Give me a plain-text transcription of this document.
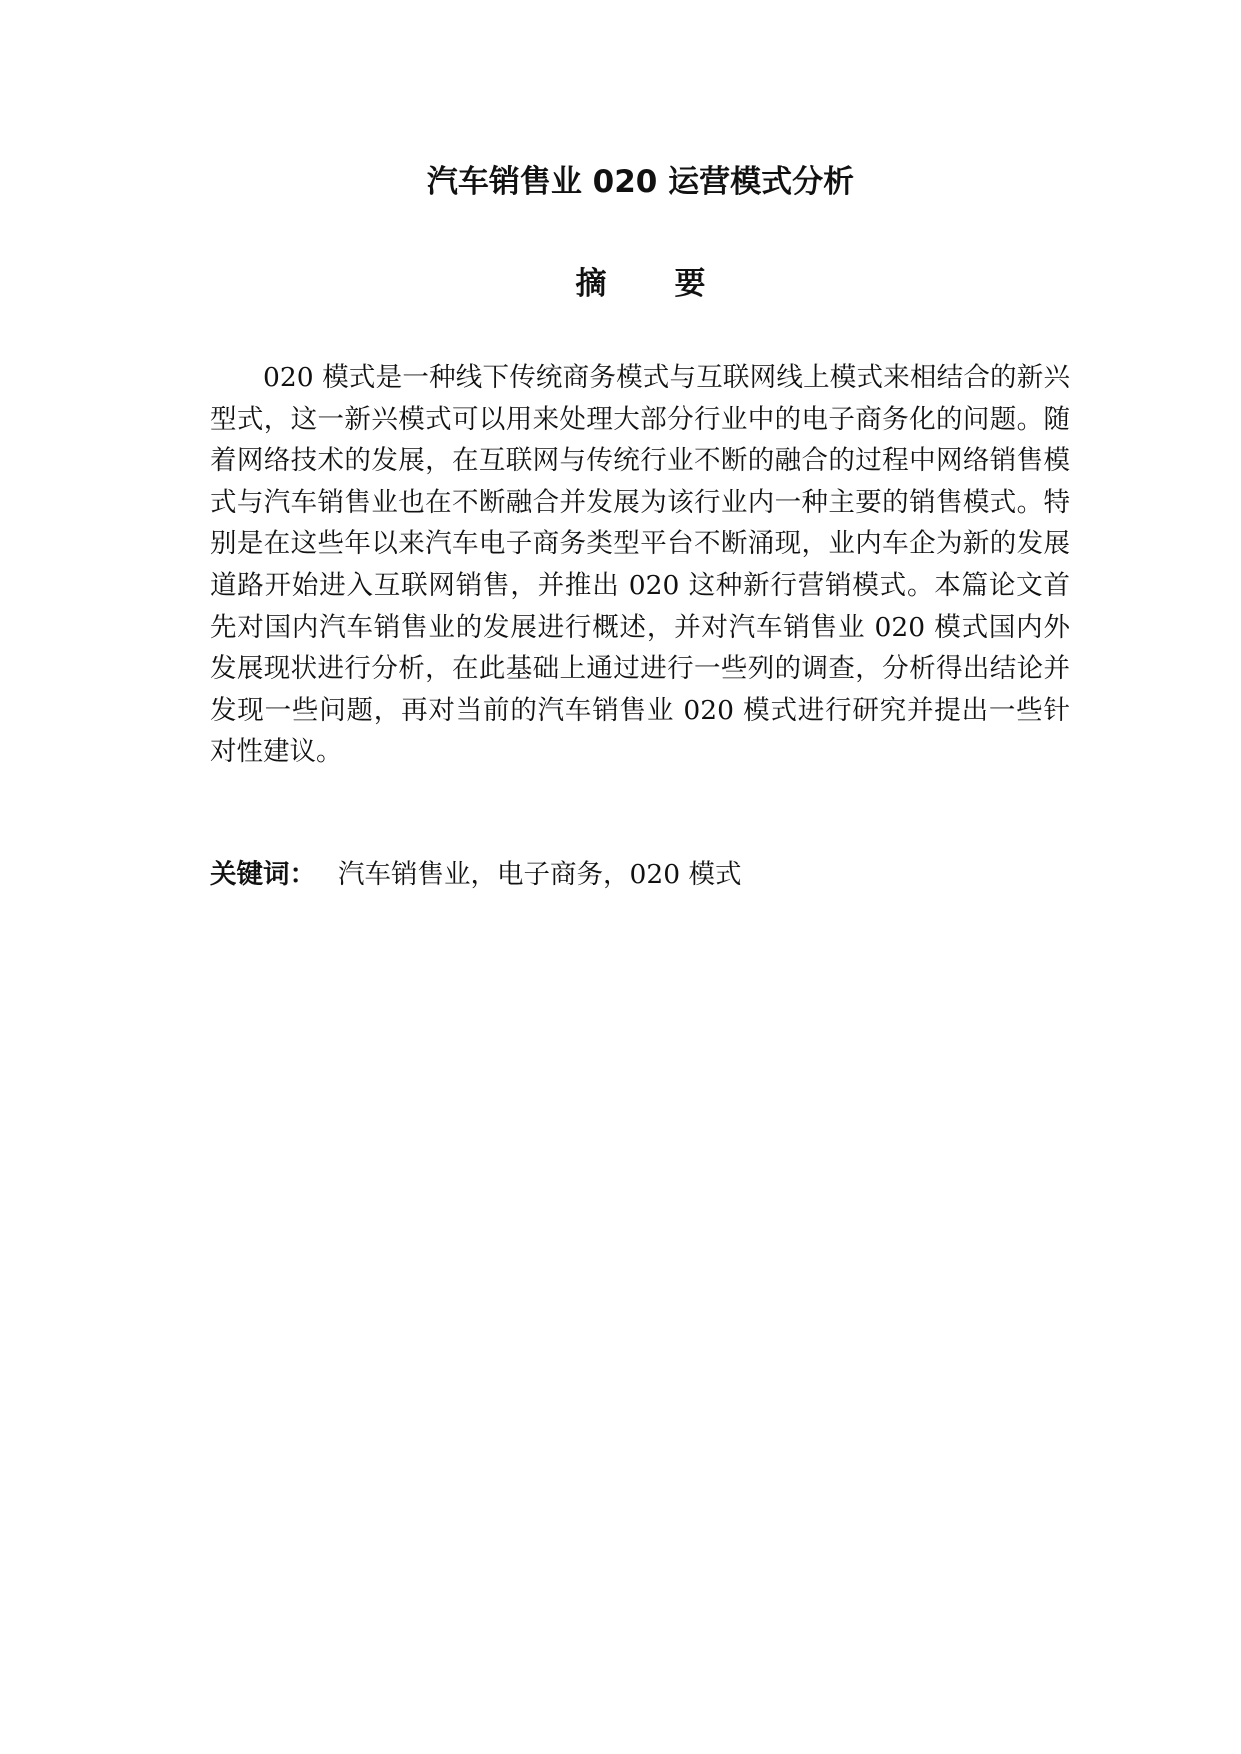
汽车销售业 020 运营模式分析
摘要

020 模式是一种线下传统商务模式与互联网线上模式来相结合的新兴型式，这一新兴模式可以用来处理大部分行业中的电子商务化的问题。随着网络技术的发展，在互联网与传统行业不断的融合的过程中网络销售模式与汽车销售业也在不断融合并发展为该行业内一种主要的销售模式。特别是在这些年以来汽车电子商务类型平台不断涌现，业内车企为新的发展道路开始进入互联网销售，并推出 020 这种新行营销模式。本篇论文首先对国内汽车销售业的发展进行概述，并对汽车销售业 020 模式国内外发展现状进行分析，在此基础上通过进行一些列的调查，分析得出结论并发现一些问题，再对当前的汽车销售业 020 模式进行研究并提出一些针对性建议。

关键词： 汽车销售业，电子商务，020 模式
